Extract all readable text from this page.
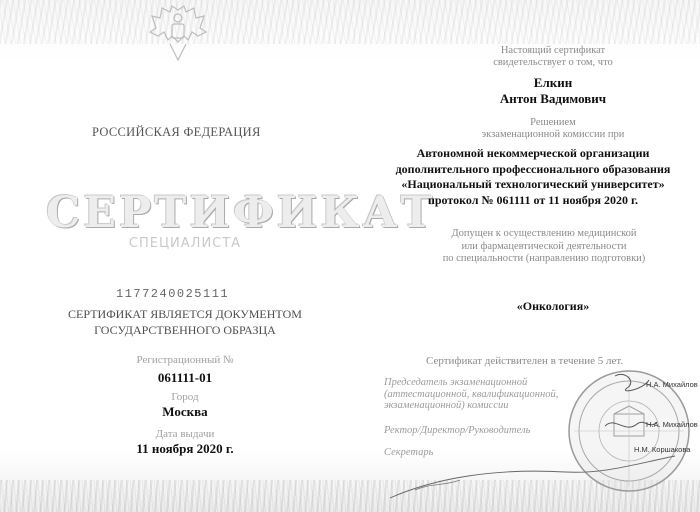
РОССИЙСКАЯ ФЕДЕРАЦИЯ
СЕРТИФИКАТ
СПЕЦИАЛИСТА
1177240025111
СЕРТИФИКАТ ЯВЛЯЕТСЯ ДОКУМЕНТОМ
ГОСУДАРСТВЕННОГО ОБРАЗЦА
Регистрационный №
061111-01
Город
Москва
Дата выдачи
11 ноября 2020 г.
Настоящий сертификат
свидетельствует о том, что
Елкин
Антон Вадимович
Решением
экзаменационной комиссии при
Автономной некоммерческой организации
дополнительного профессионального образования
«Национальный технологический университет»
протокол № 061111 от 11 ноября 2020 г.
Допущен к осуществлению медицинской
или фармацевтической деятельности
по специальности (направлению подготовки)
«Онкология»
Сертификат действителен в течение 5 лет.
Председатель экзаменационной
(аттестационной, квалификационной,
экзаменационной) комиссии
Ректор/Директор/Руководитель
Секретарь
Н.А. Михайлов
Н.А. Михайлов
Н.М. Коршакова
